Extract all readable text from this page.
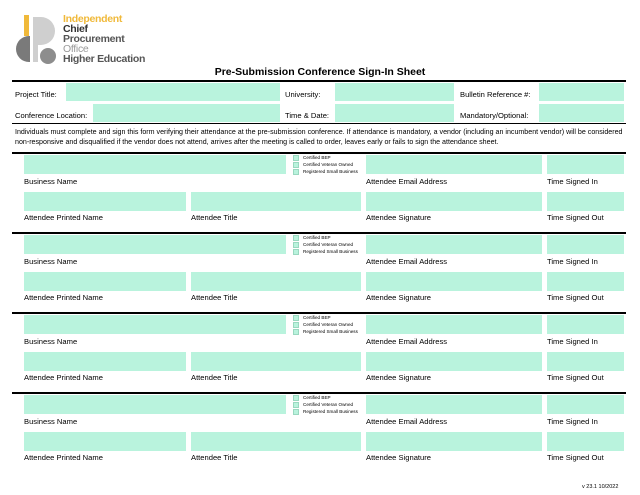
Independent
Chief
Procurement
Office
Higher Education
Pre-Submission Conference Sign-In Sheet
Project Title:	University:	Bulletin Reference #:
Conference Location:	Time & Date:	Mandatory/Optional:
Individuals must complete and sign this form verifying their attendance at the pre-submission conference. If attendance is mandatory, a vendor (including an incumbent vendor) will be considered non-responsive and disqualified if the vendor does not attend, arrives after the meeting is called to order, leaves early or fails to sign the attendance sheet.
Certified BEP
Certified Veteran Owned
Registered Small Business
Business Name	Attendee Email Address	Time Signed In
Attendee Printed Name	Attendee Title	Attendee Signature	Time Signed Out
Certified BEP
Certified Veteran Owned
Registered Small Business
Business Name	Attendee Email Address	Time Signed In
Attendee Printed Name	Attendee Title	Attendee Signature	Time Signed Out
Certified BEP
Certified Veteran Owned
Registered Small Business
Business Name	Attendee Email Address	Time Signed In
Attendee Printed Name	Attendee Title	Attendee Signature	Time Signed Out
Certified BEP
Certified Veteran Owned
Registered Small Business
Business Name	Attendee Email Address	Time Signed In
Attendee Printed Name	Attendee Title	Attendee Signature	Time Signed Out
v 23.1 10/2022
